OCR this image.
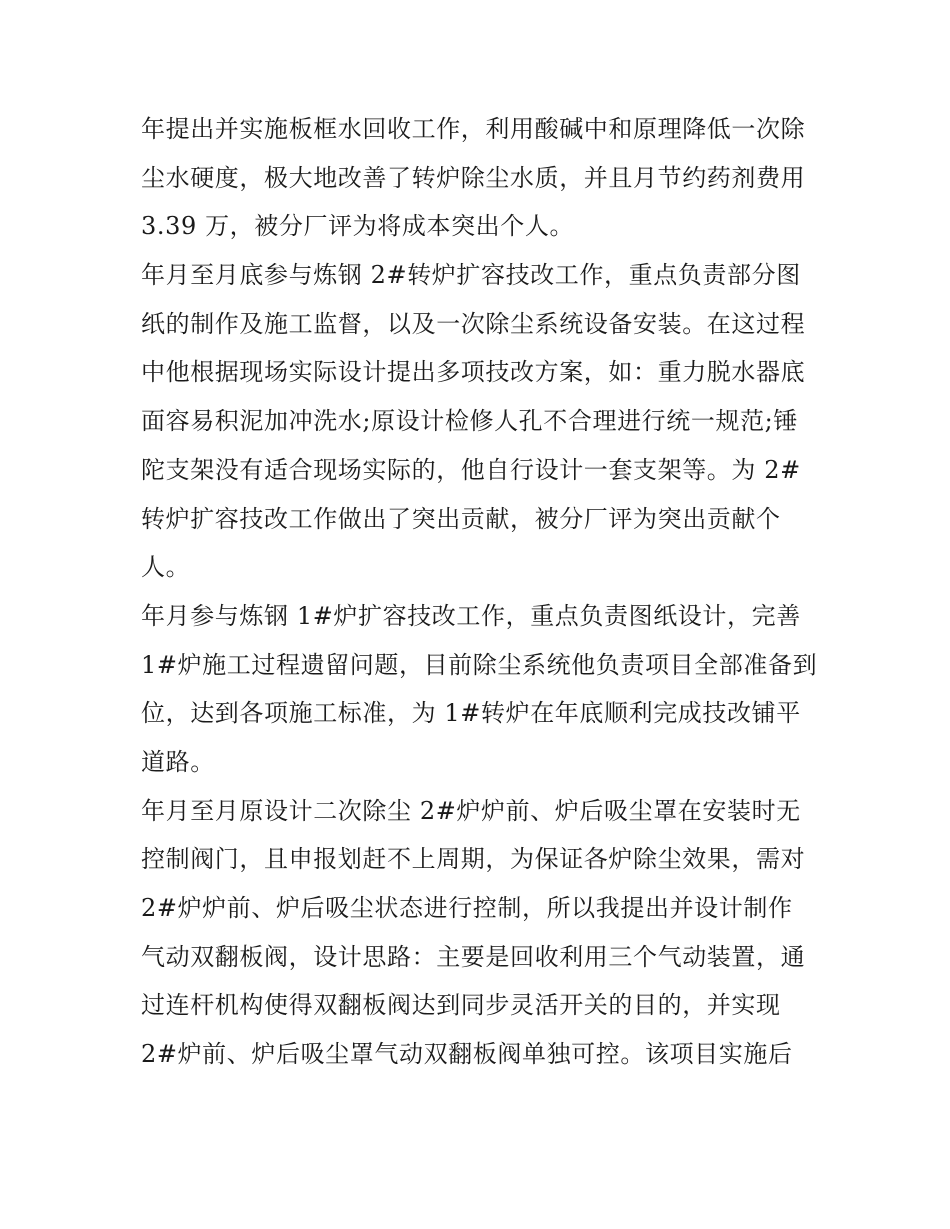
年提出并实施板框水回收工作，利用酸碱中和原理降低一次除
尘水硬度，极大地改善了转炉除尘水质，并且月节约药剂费用
3.39 万，被分厂评为将成本突出个人。
年月至月底参与炼钢 2#转炉扩容技改工作，重点负责部分图
纸的制作及施工监督，以及一次除尘系统设备安装。在这过程
中他根据现场实际设计提出多项技改方案，如：重力脱水器底
面容易积泥加冲洗水;原设计检修人孔不合理进行统一规范;锤
陀支架没有适合现场实际的，他自行设计一套支架等。为 2#
转炉扩容技改工作做出了突出贡献，被分厂评为突出贡献个
人。
年月参与炼钢 1#炉扩容技改工作，重点负责图纸设计，完善
1#炉施工过程遗留问题，目前除尘系统他负责项目全部准备到
位，达到各项施工标准，为 1#转炉在年底顺利完成技改铺平
道路。
年月至月原设计二次除尘 2#炉炉前、炉后吸尘罩在安装时无
控制阀门，且申报划赶不上周期，为保证各炉除尘效果，需对
2#炉炉前、炉后吸尘状态进行控制，所以我提出并设计制作
气动双翻板阀，设计思路：主要是回收利用三个气动装置，通
过连杆机构使得双翻板阀达到同步灵活开关的目的，并实现
2#炉前、炉后吸尘罩气动双翻板阀单独可控。该项目实施后
